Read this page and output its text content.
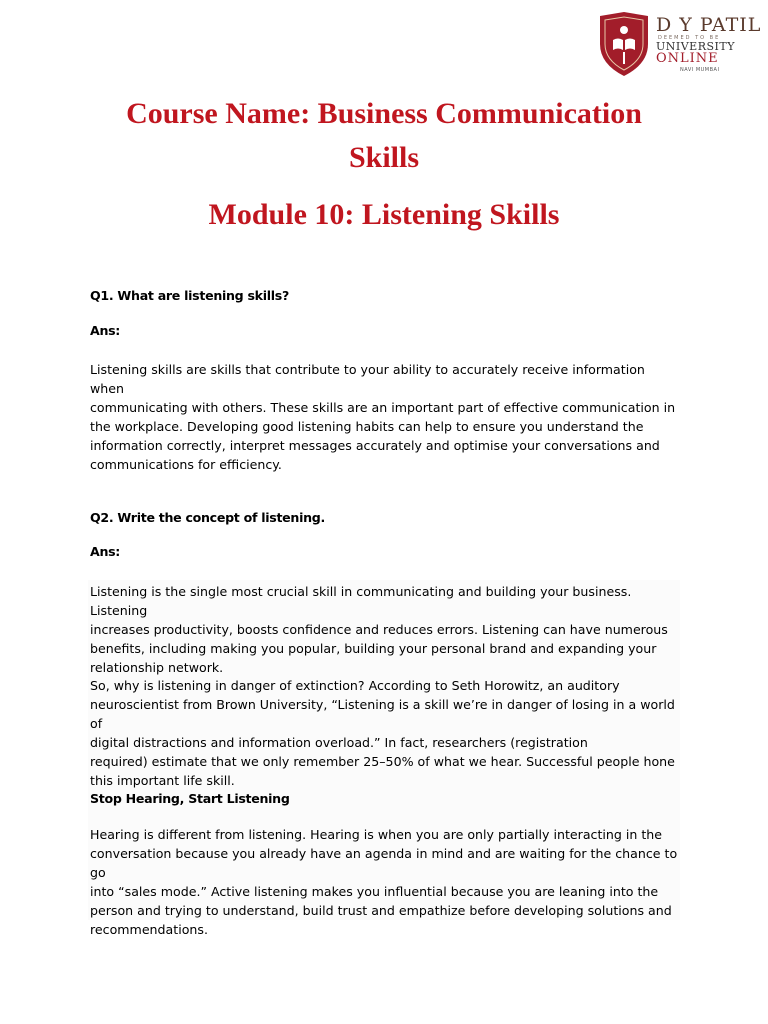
D Y PATIL
DEEMED TO BE
UNIVERSITY
ONLINE
NAVI MUMBAI
Course Name: Business Communication
Skills
Module 10: Listening Skills
Q1. What are listening skills?
Ans:

Listening skills are skills that contribute to your ability to accurately receive information when

communicating with others. These skills are an important part of effective communication in

the workplace. Developing good listening habits can help to ensure you understand the

information correctly, interpret messages accurately and optimise your conversations and

communications for efficiency.

Q2. Write the concept of listening.
Ans:

Listening is the single most crucial skill in communicating and building your business. Listening

increases productivity, boosts confidence and reduces errors. Listening can have numerous

benefits, including making you popular, building your personal brand and expanding your

relationship network.

So, why is listening in danger of extinction? According to Seth Horowitz, an auditory

neuroscientist from Brown University, “Listening is a skill we’re in danger of losing in a world of

digital distractions and information overload.” In fact, researchers (registration

required) estimate that we only remember 25–50% of what we hear. Successful people hone

this important life skill.

Stop Hearing, Start Listening

Hearing is different from listening. Hearing is when you are only partially interacting in the

conversation because you already have an agenda in mind and are waiting for the chance to go

into “sales mode.” Active listening makes you influential because you are leaning into the

person and trying to understand, build trust and empathize before developing solutions and

recommendations.
